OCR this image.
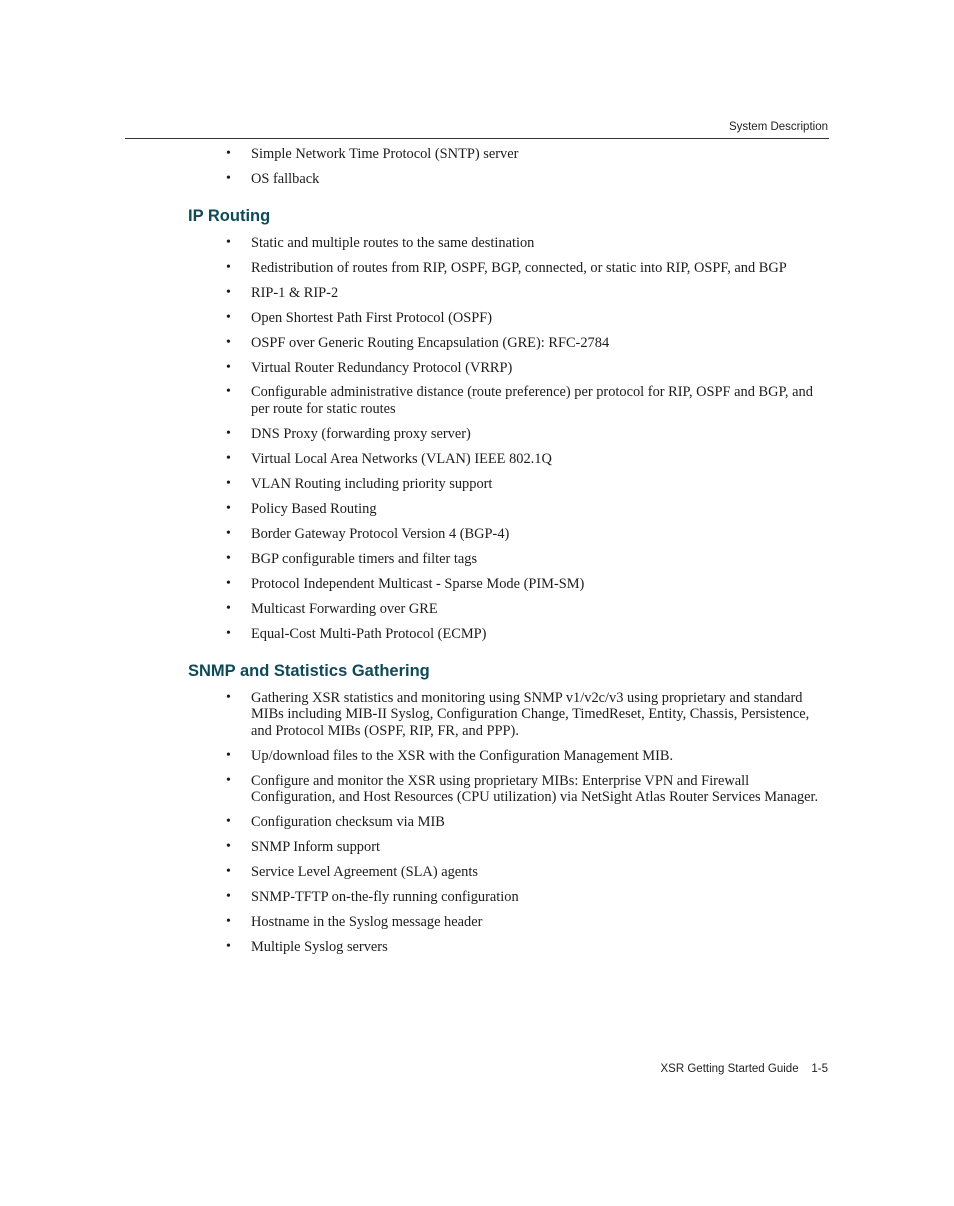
System Description
• Simple Network Time Protocol (SNTP) server
• OS fallback
IP Routing
• Static and multiple routes to the same destination
• Redistribution of routes from RIP, OSPF, BGP, connected, or static into RIP, OSPF, and BGP
• RIP-1 & RIP-2
• Open Shortest Path First Protocol (OSPF)
• OSPF over Generic Routing Encapsulation (GRE): RFC-2784
• Virtual Router Redundancy Protocol (VRRP)
• Configurable administrative distance (route preference) per protocol for RIP, OSPF and BGP, and per route for static routes
• DNS Proxy (forwarding proxy server)
• Virtual Local Area Networks (VLAN) IEEE 802.1Q
• VLAN Routing including priority support
• Policy Based Routing
• Border Gateway Protocol Version 4 (BGP-4)
• BGP configurable timers and filter tags
• Protocol Independent Multicast - Sparse Mode (PIM-SM)
• Multicast Forwarding over GRE
• Equal-Cost Multi-Path Protocol (ECMP)
SNMP and Statistics Gathering
• Gathering XSR statistics and monitoring using SNMP v1/v2c/v3 using proprietary and standard MIBs including MIB-II Syslog, Configuration Change, TimedReset, Entity, Chassis, Persistence, and Protocol MIBs (OSPF, RIP, FR, and PPP).
• Up/download files to the XSR with the Configuration Management MIB.
• Configure and monitor the XSR using proprietary MIBs: Enterprise VPN and Firewall Configuration, and Host Resources (CPU utilization) via NetSight Atlas Router Services Manager.
• Configuration checksum via MIB
• SNMP Inform support
• Service Level Agreement (SLA) agents
• SNMP-TFTP on-the-fly running configuration
• Hostname in the Syslog message header
• Multiple Syslog servers
XSR Getting Started Guide    1-5
